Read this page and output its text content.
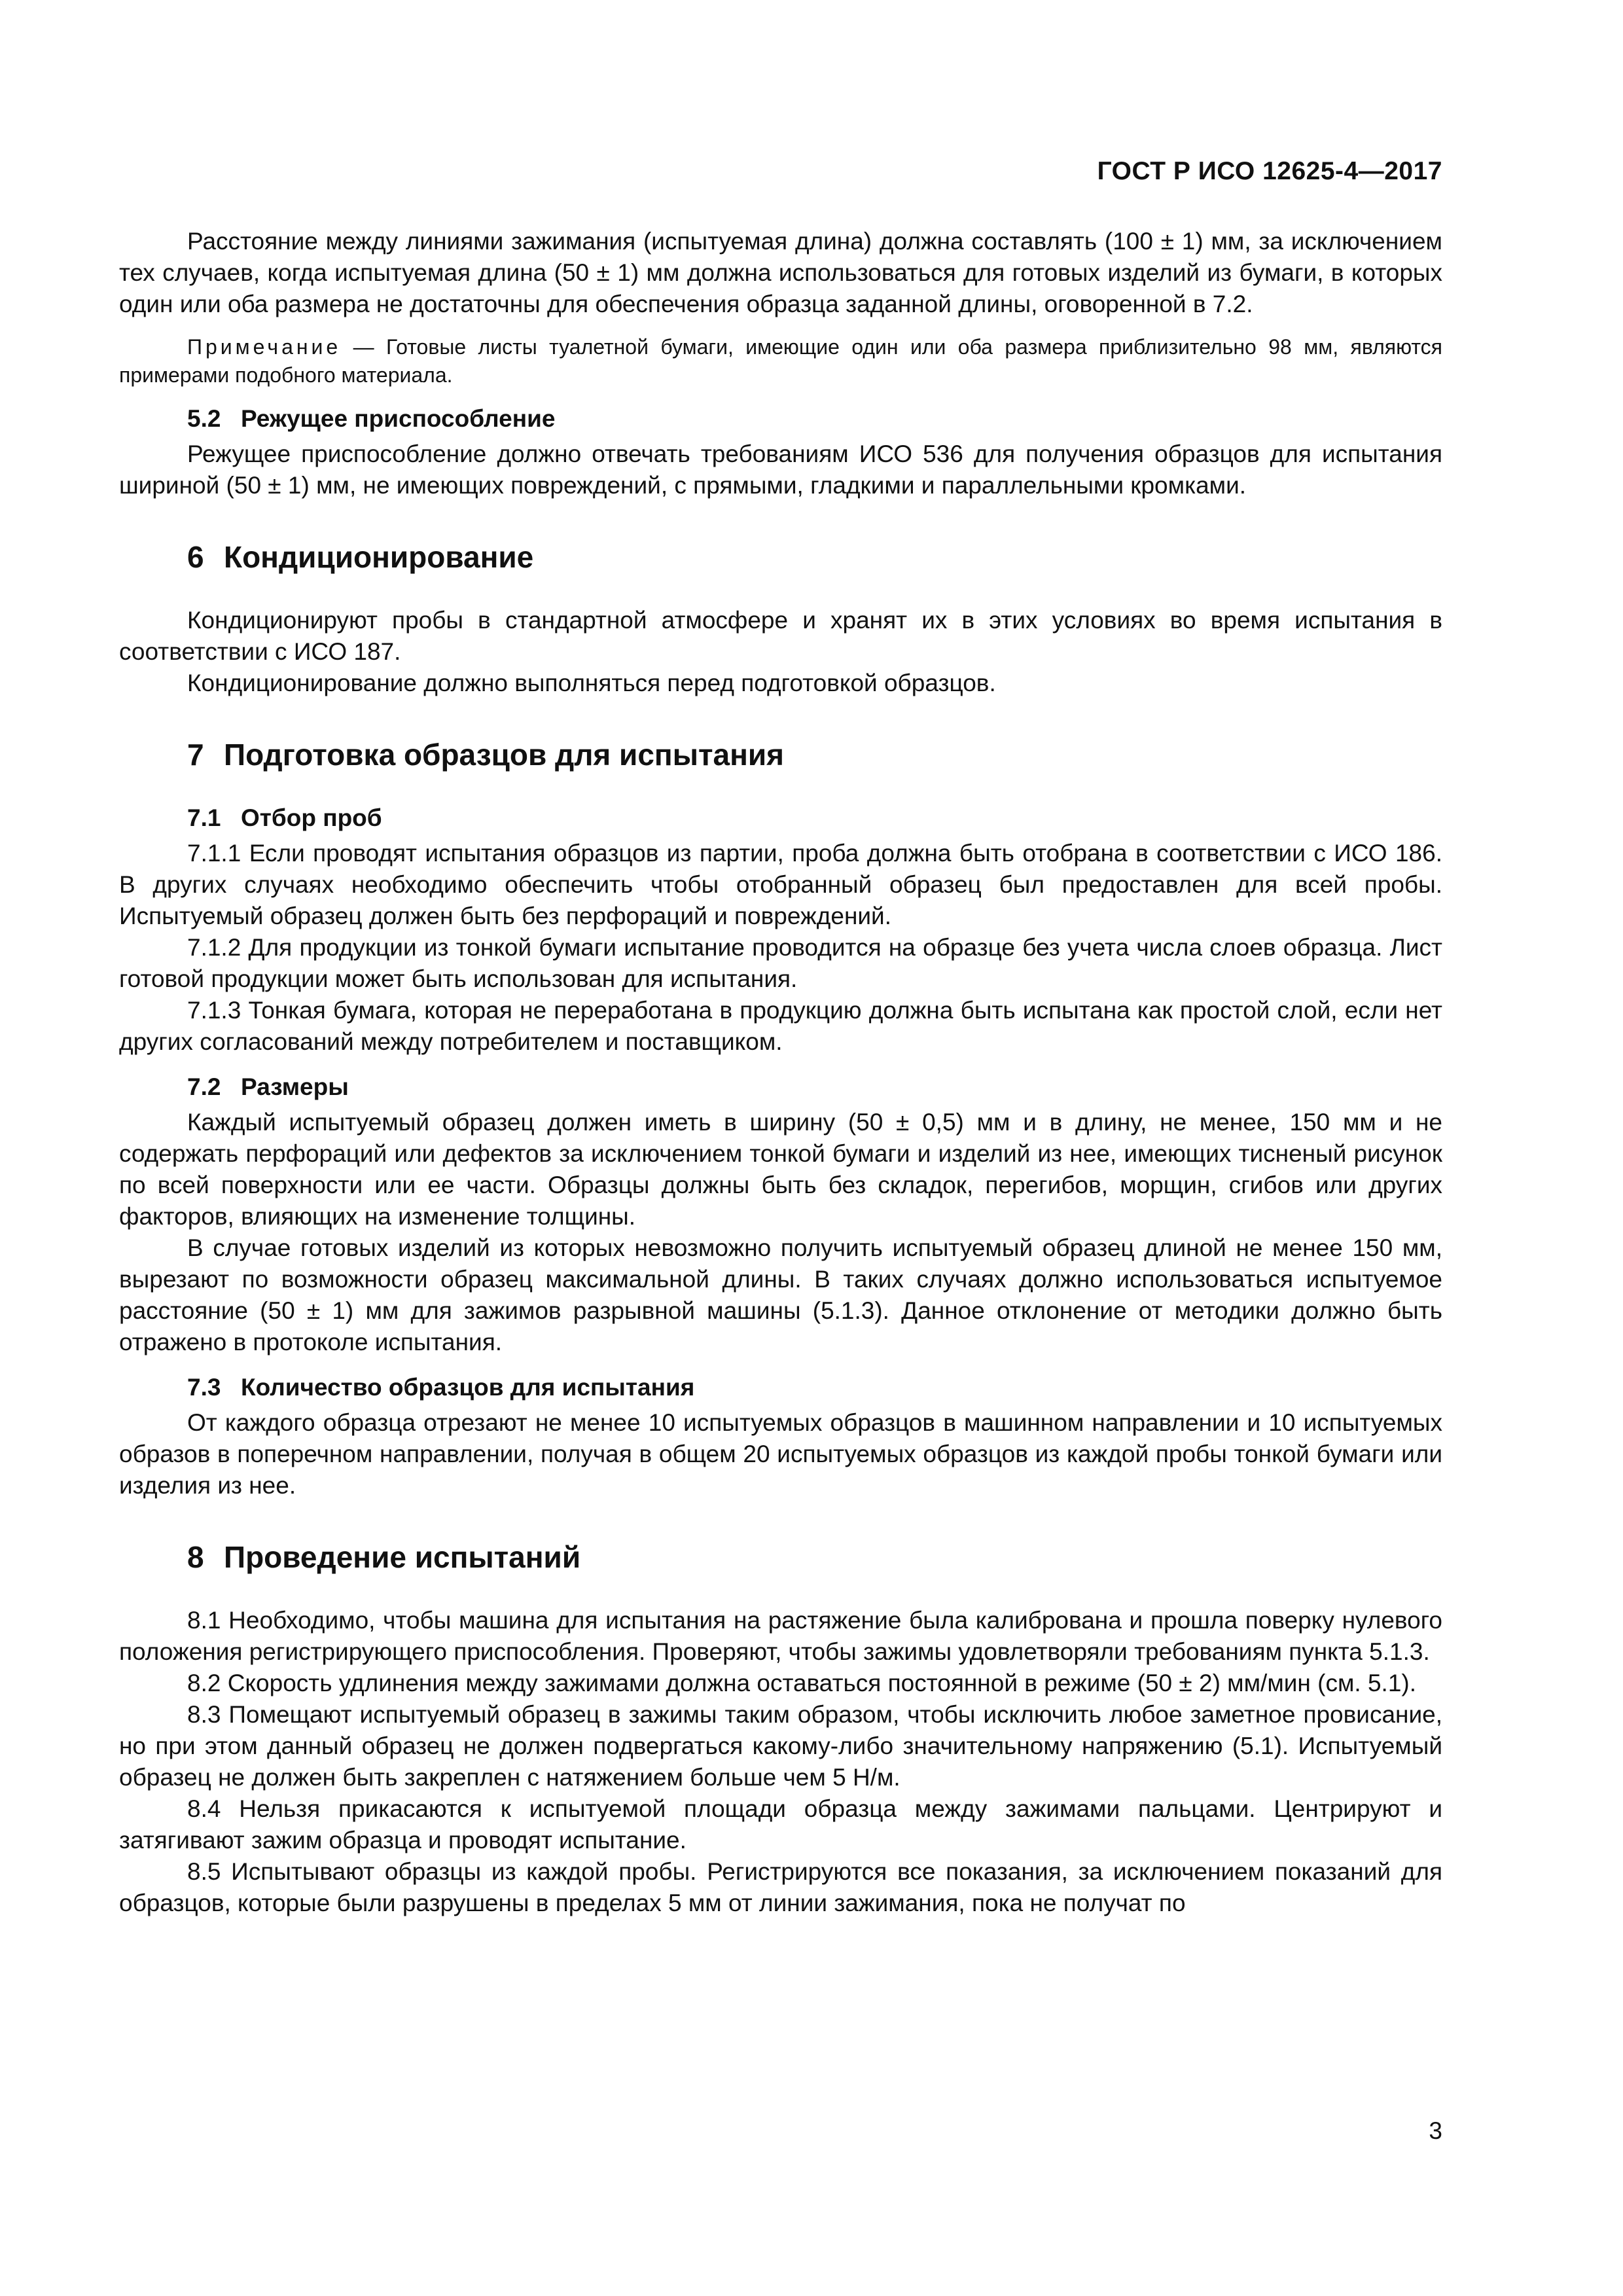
ГОСТ Р ИСО 12625-4—2017

Расстояние между линиями зажимания (испытуемая длина) должна составлять (100 ± 1) мм, за исключением тех случаев, когда испытуемая длина (50 ± 1) мм должна использоваться для готовых изделий из бумаги, в которых один или оба размера не достаточны для обеспечения образца заданной длины, оговоренной в 7.2.

Примечание — Готовые листы туалетной бумаги, имеющие один или оба размера приблизительно 98 мм, являются примерами подобного материала.

5.2 Режущее приспособление

Режущее приспособление должно отвечать требованиям ИСО 536 для получения образцов для испытания шириной (50 ± 1) мм, не имеющих повреждений, с прямыми, гладкими и параллельными кромками.

6 Кондиционирование

Кондиционируют пробы в стандартной атмосфере и хранят их в этих условиях во время испытания в соответствии с ИСО 187.

Кондиционирование должно выполняться перед подготовкой образцов.

7 Подготовка образцов для испытания
7.1 Отбор проб

7.1.1 Если проводят испытания образцов из партии, проба должна быть отобрана в соответствии с ИСО 186. В других случаях необходимо обеспечить чтобы отобранный образец был предоставлен для всей пробы. Испытуемый образец должен быть без перфораций и повреждений.

7.1.2 Для продукции из тонкой бумаги испытание проводится на образце без учета числа слоев образца. Лист готовой продукции может быть использован для испытания.

7.1.3 Тонкая бумага, которая не переработана в продукцию должна быть испытана как простой слой, если нет других согласований между потребителем и поставщиком.

7.2 Размеры

Каждый испытуемый образец должен иметь в ширину (50 ± 0,5) мм и в длину, не менее, 150 мм и не содержать перфораций или дефектов за исключением тонкой бумаги и изделий из нее, имеющих тисненый рисунок по всей поверхности или ее части. Образцы должны быть без складок, перегибов, морщин, сгибов или других факторов, влияющих на изменение толщины.

В случае готовых изделий из которых невозможно получить испытуемый образец длиной не менее 150 мм, вырезают по возможности образец максимальной длины. В таких случаях должно использоваться испытуемое расстояние (50 ± 1) мм для зажимов разрывной машины (5.1.3). Данное отклонение от методики должно быть отражено в протоколе испытания.

7.3 Количество образцов для испытания

От каждого образца отрезают не менее 10 испытуемых образцов в машинном направлении и 10 испытуемых образов в поперечном направлении, получая в общем 20 испытуемых образцов из каждой пробы тонкой бумаги или изделия из нее.

8 Проведение испытаний

8.1 Необходимо, чтобы машина для испытания на растяжение была калибрована и прошла поверку нулевого положения регистрирующего приспособления. Проверяют, чтобы зажимы удовлетворяли требованиям пункта 5.1.3.

8.2 Скорость удлинения между зажимами должна оставаться постоянной в режиме (50 ± 2) мм/мин (см. 5.1).

8.3 Помещают испытуемый образец в зажимы таким образом, чтобы исключить любое заметное провисание, но при этом данный образец не должен подвергаться какому-либо значительному напряжению (5.1). Испытуемый образец не должен быть закреплен с натяжением больше чем 5 Н/м.

8.4 Нельзя прикасаются к испытуемой площади образца между зажимами пальцами. Центрируют и затягивают зажим образца и проводят испытание.

8.5 Испытывают образцы из каждой пробы. Регистрируются все показания, за исключением показаний для образцов, которые были разрушены в пределах 5 мм от линии зажимания, пока не получат по

3
